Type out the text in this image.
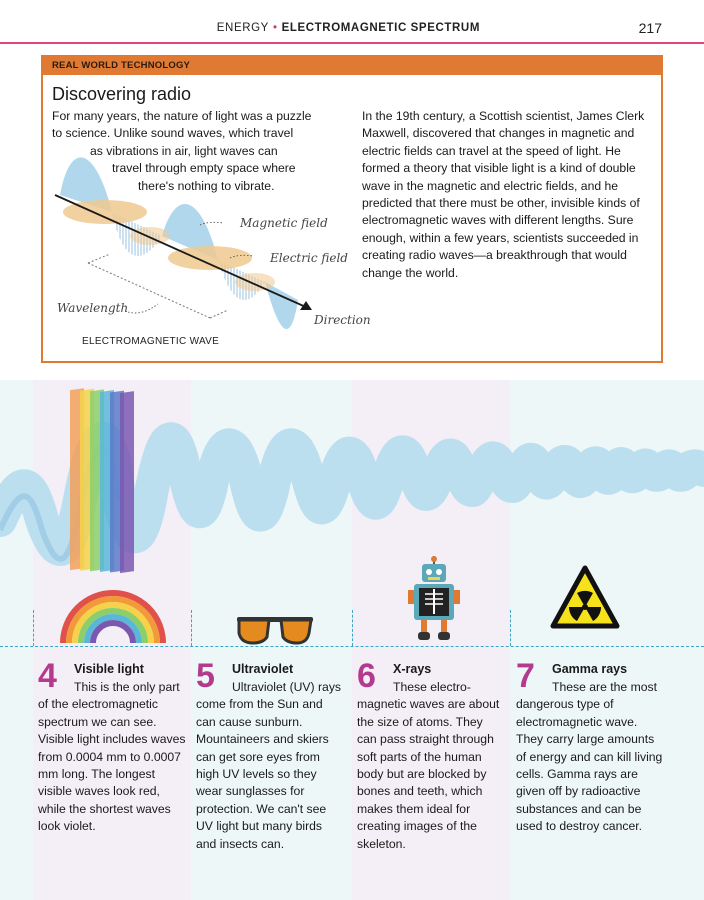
ENERGY • ELECTROMAGNETIC SPECTRUM	217
REAL WORLD TECHNOLOGY
Discovering radio
For many years, the nature of light was a puzzle
to science. Unlike sound waves, which travel
as vibrations in air, light waves can
travel through empty space where
there's nothing to vibrate.
In the 19th century, a Scottish scientist, James Clerk Maxwell, discovered that changes in magnetic and electric fields can travel at the speed of light. He formed a theory that visible light is a kind of double wave in the magnetic and electric fields, and he predicted that there must be other, invisible kinds of electromagnetic waves with different lengths. Sure enough, within a few years, scientists succeeded in creating radio waves—a breakthrough that would change the world.
Magnetic field
Electric field
Wavelength
Direction
ELECTROMAGNETIC WAVE
4 Visible light
This is the only part of the electromagnetic spectrum we can see. Visible light includes waves from 0.0004 mm to 0.0007 mm long. The longest visible waves look red, while the shortest waves look violet.
5 Ultraviolet
Ultraviolet (UV) rays come from the Sun and can cause sunburn. Mountaineers and skiers can get sore eyes from high UV levels so they wear sunglasses for protection. We can't see UV light but many birds and insects can.
6 X-rays
These electro-magnetic waves are about the size of atoms. They can pass straight through soft parts of the human body but are blocked by bones and teeth, which makes them ideal for creating images of the skeleton.
7 Gamma rays
These are the most dangerous type of electromagnetic wave. They carry large amounts of energy and can kill living cells. Gamma rays are given off by radioactive substances and can be used to destroy cancer.
